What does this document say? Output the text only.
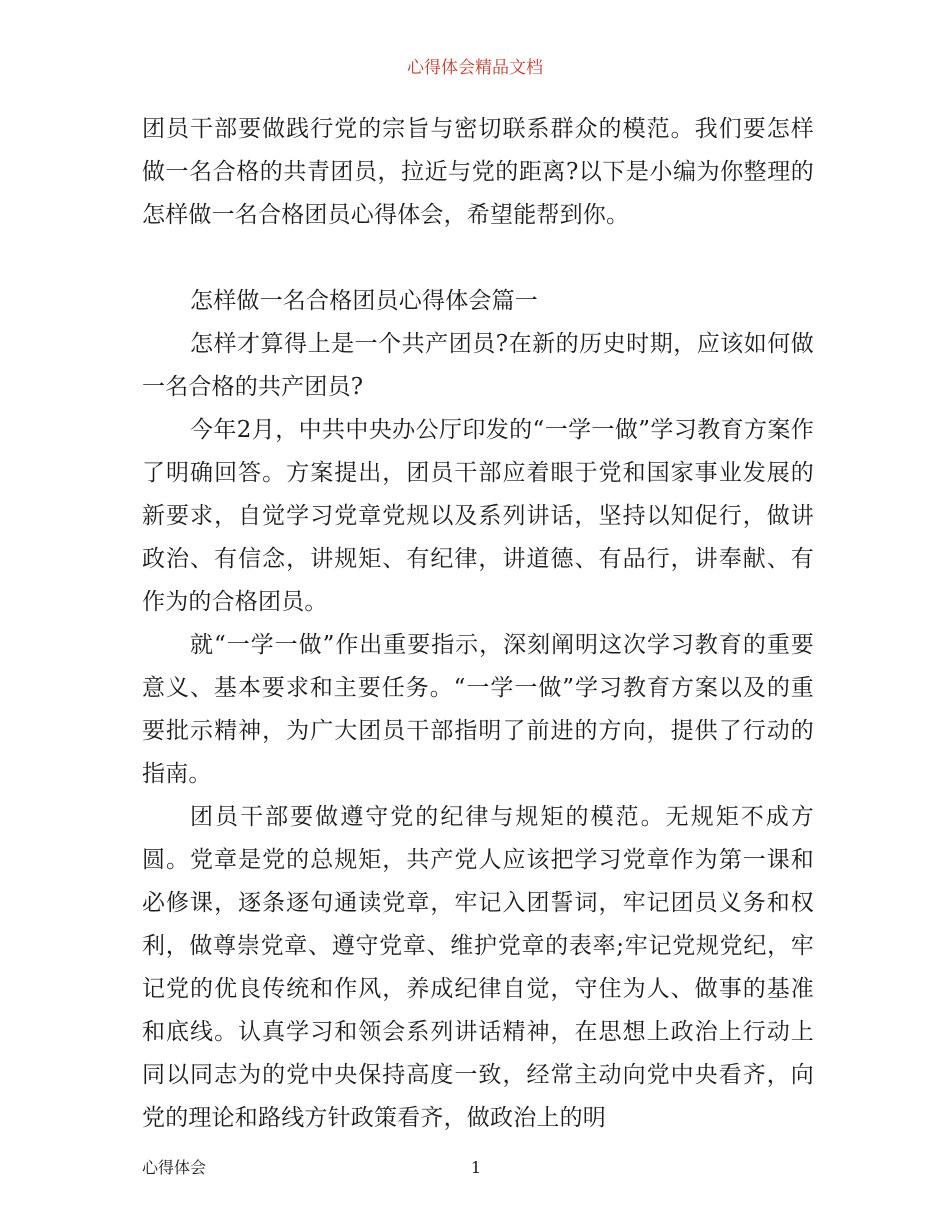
心得体会精品文档

团员干部要做践行党的宗旨与密切联系群众的模范。我们要怎样做一名合格的共青团员，拉近与党的距离?以下是小编为你整理的怎样做一名合格团员心得体会，希望能帮到你。

怎样做一名合格团员心得体会篇一

怎样才算得上是一个共产团员?在新的历史时期，应该如何做一名合格的共产团员?

今年2月，中共中央办公厅印发的“一学一做”学习教育方案作了明确回答。方案提出，团员干部应着眼于党和国家事业发展的新要求，自觉学习党章党规以及系列讲话，坚持以知促行，做讲政治、有信念，讲规矩、有纪律，讲道德、有品行，讲奉献、有作为的合格团员。

就“一学一做”作出重要指示，深刻阐明这次学习教育的重要意义、基本要求和主要任务。“一学一做”学习教育方案以及的重要批示精神，为广大团员干部指明了前进的方向，提供了行动的指南。

团员干部要做遵守党的纪律与规矩的模范。无规矩不成方圆。党章是党的总规矩，共产党人应该把学习党章作为第一课和必修课，逐条逐句通读党章，牢记入团誓词，牢记团员义务和权利，做尊崇党章、遵守党章、维护党章的表率;牢记党规党纪，牢记党的优良传统和作风，养成纪律自觉，守住为人、做事的基准和底线。认真学习和领会系列讲话精神，在思想上政治上行动上同以同志为的党中央保持高度一致，经常主动向党中央看齐，向党的理论和路线方针政策看齐，做政治上的明

心得体会	1
